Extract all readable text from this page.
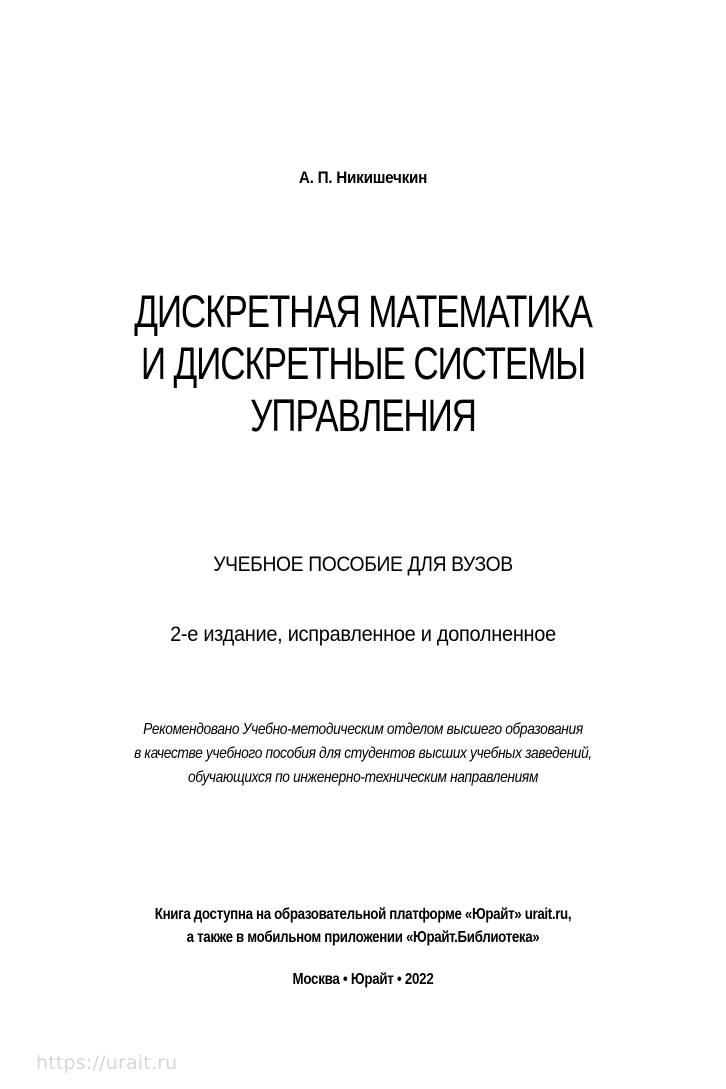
А. П. Никишечкин
ДИСКРЕТНАЯ МАТЕМАТИКА
И ДИСКРЕТНЫЕ СИСТЕМЫ
УПРАВЛЕНИЯ
УЧЕБНОЕ ПОСОБИЕ ДЛЯ ВУЗОВ
2-е издание, исправленное и дополненное
Рекомендовано Учебно-методическим отделом высшего образования
в качестве учебного пособия для студентов высших учебных заведений,
обучающихся по инженерно-техническим направлениям
Книга доступна на образовательной платформе «Юрайт» urait.ru,
а также в мобильном приложении «Юрайт.Библиотека»
Москва • Юрайт • 2022
https://urait.ru
